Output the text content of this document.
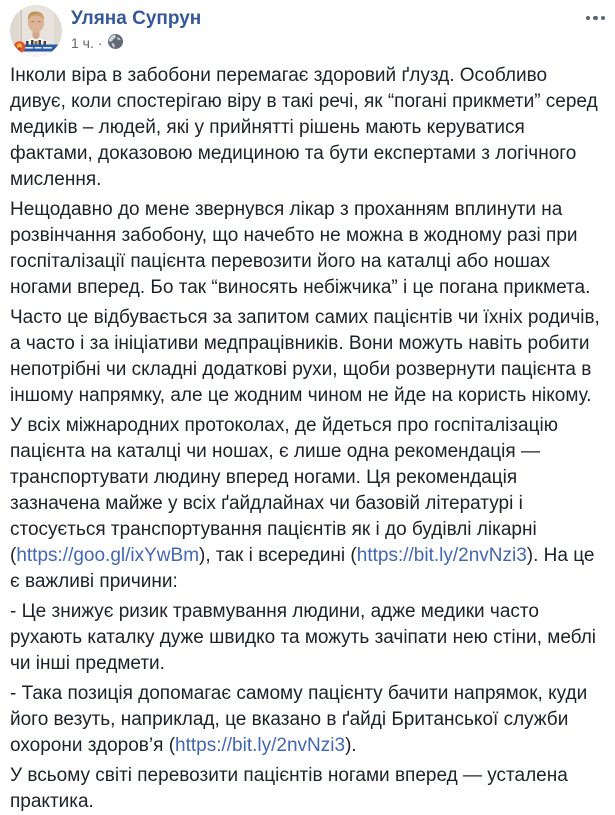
Уляна Супрун
1 ч. ·

Інколи віра в забобони перемагає здоровий ґлузд. Особливо дивує, коли спостерігаю віру в такі речі, як “погані прикмети” серед медиків – людей, які у прийнятті рішень мають керуватися фактами, доказовою медициною та бути експертами з логічного мислення.

Нещодавно до мене звернувся лікар з проханням вплинути на розвінчання забобону, що начебто не можна в жодному разі при госпіталізації пацієнта перевозити його на каталці або ношах ногами вперед. Бо так “виносять небіжчика” і це погана прикмета.

Часто це відбувається за запитом самих пацієнтів чи їхніх родичів, а часто і за ініціативи медпрацівників. Вони можуть навіть робити непотрібні чи складні додаткові рухи, щоби розвернути пацієнта в іншому напрямку, але це жодним чином не йде на користь нікому.

У всіх міжнародних протоколах, де йдеться про госпіталізацію пацієнта на каталці чи ношах, є лише одна рекомендація — транспортувати людину вперед ногами. Ця рекомендація зазначена майже у всіх ґайдлайнах чи базовій літературі і стосується транспортування пацієнтів як і до будівлі лікарні (https://goo.gl/ixYwBm), так і всередині (https://bit.ly/2nvNzi3). На це є важливі причини:

- Це знижує ризик травмування людини, адже медики часто рухають каталку дуже швидко та можуть зачіпати нею стіни, меблі чи інші предмети.

- Така позиція допомагає самому пацієнту бачити напрямок, куди його везуть, наприклад, це вказано в ґайді Британської служби охорони здоров’я (https://bit.ly/2nvNzi3).

У всьому світі перевозити пацієнтів ногами вперед — усталена практика.
